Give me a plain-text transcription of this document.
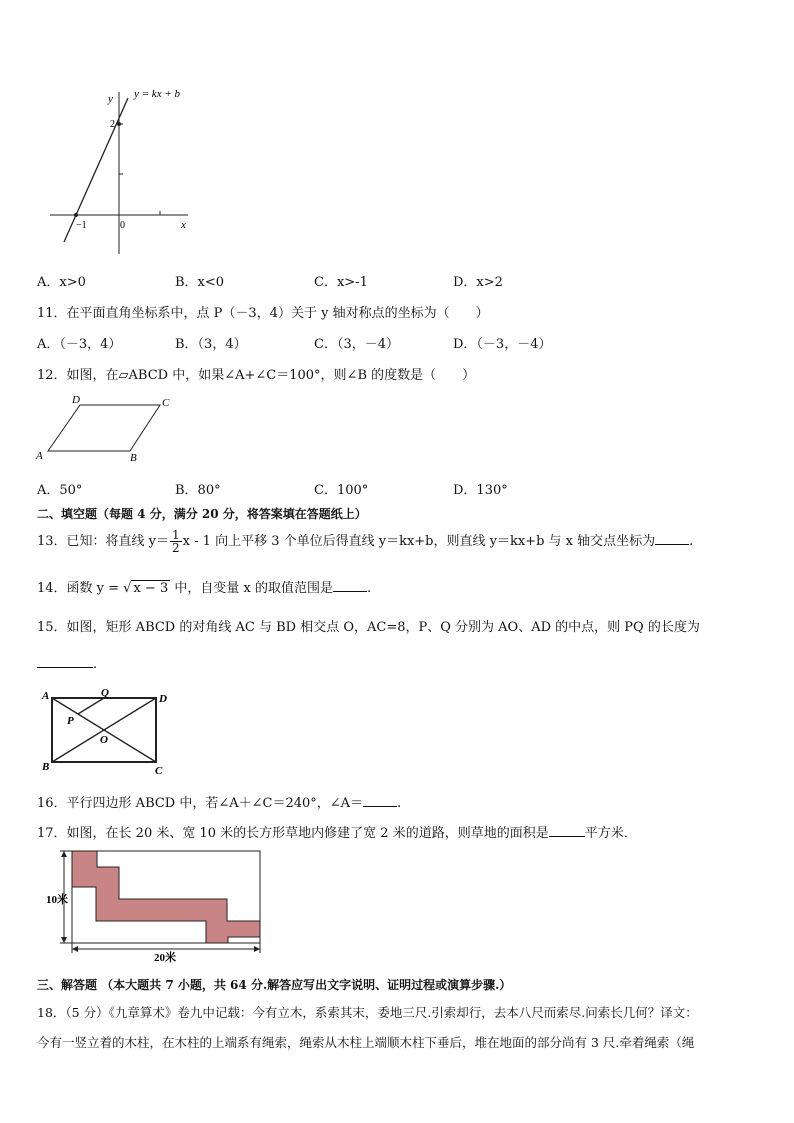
y = kx + b
y
x
2
−1	0
A．x>0	B．x<0	C．x>-1	D．x>2
11．在平面直角坐标系中，点 P（－3，4）关于 y 轴对称点的坐标为（　　）
A．（－3，4）	B．（3，4）	C．（3，－4）	D．（－3，－4）
12．如图，在▱ABCD 中，如果∠A+∠C＝100°，则∠B 的度数是（　　）
A	B
C
D
A．50°	B．80°	C．100°	D．130°
二、填空题（每题 4 分，满分 20 分，将答案填在答题纸上）
13．已知：将直线 $y= \frac{1}{2}$ x - 1 向上平移 3 个单位后得直线 y＝kx+b，则直线 y＝kx+b 与 x 轴交点坐标为	.
14．函数 y = √ x − 3 中，自变量 x 的取值范围是	.
15．如图，矩形 ABCD 的对角线 AC 与 BD 相交点 O，AC=8，P、Q 分别为 AO、AD 的中点，则 PQ 的长度为
.
A
B	C
D
P
Q
O
16．平行四边形 ABCD 中，若∠A＋∠C＝240°，∠A＝	.
17．如图，在长 20 米、宽 10 米的长方形草地内修建了宽 2 米的道路，则草地的面积是	平方米．
10米
20米
三、解答题 （本大题共 7 小题，共 64 分.解答应写出文字说明、证明过程或演算步骤.）
18．（5 分）《九章算术》卷九中记载：今有立木，系索其末，委地三尺.引索却行，去本八尺而索尽.问索长几何？译文：
今有一竖立着的木柱，在木柱的上端系有绳索，绳索从木柱上端顺木柱下垂后，堆在地面的部分尚有 3 尺.牵着绳索（绳
